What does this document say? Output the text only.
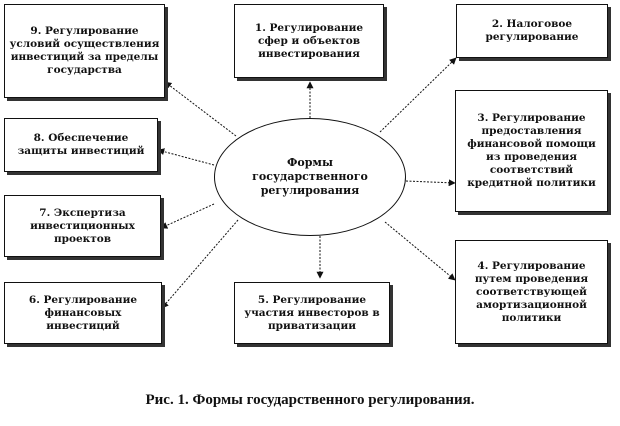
Формы государственного регулирования
1. Регулирование сфер и объектов инвестирования
2. Налоговое регулирование
3. Регулирование предоставления финансовой помощи из проведения соответствий кредитной политики
4. Регулирование путем проведения соответствующей амортизационной политики
5. Регулирование участия инвесторов в приватизации
6. Регулирование финансовых инвестиций
7. Экспертиза инвестиционных проектов
8. Обеспечение защиты инвестиций
9. Регулирование условий осуществления инвестиций за пределы государства
Рис. 1. Формы государственного регулирования.
